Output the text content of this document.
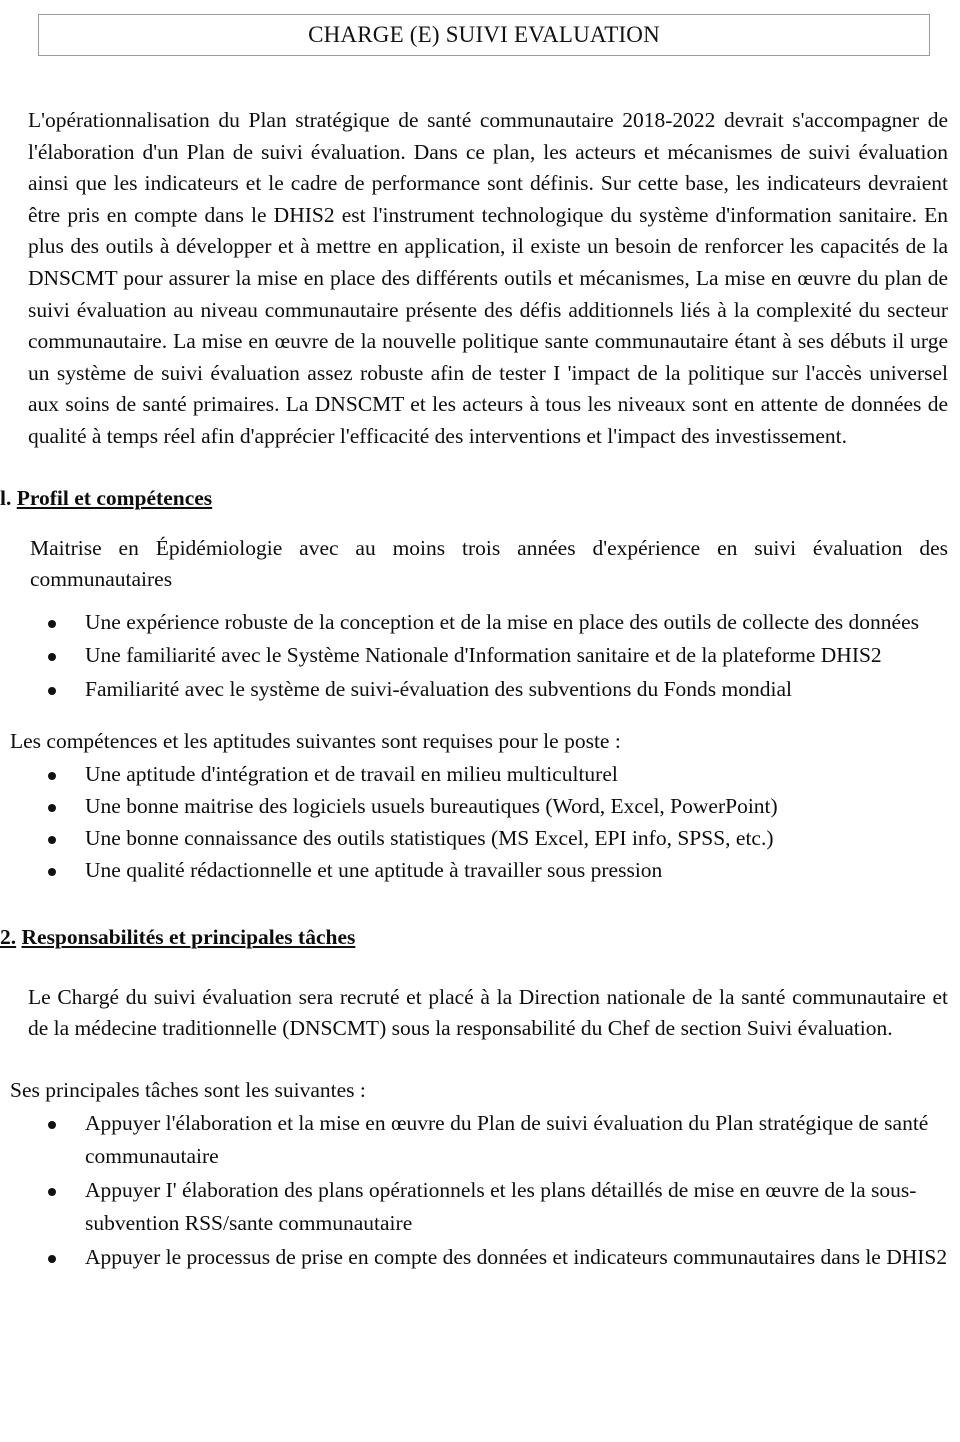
CHARGE (E) SUIVI EVALUATION

L'opérationnalisation du Plan stratégique de santé communautaire 2018-2022 devrait s'accompagner de l'élaboration d'un Plan de suivi évaluation. Dans ce plan, les acteurs et mécanismes de suivi évaluation ainsi que les indicateurs et le cadre de performance sont définis. Sur cette base, les indicateurs devraient être pris en compte dans le DHIS2 est l'instrument technologique du système d'information sanitaire. En plus des outils à développer et à mettre en application, il existe un besoin de renforcer les capacités de la DNSCMT pour assurer la mise en place des différents outils et mécanismes, La mise en œuvre du plan de suivi évaluation au niveau communautaire présente des défis additionnels liés à la complexité du secteur communautaire. La mise en œuvre de la nouvelle politique sante communautaire étant à ses débuts il urge un système de suivi évaluation assez robuste afin de tester I 'impact de la politique sur l'accès universel aux soins de santé primaires. La DNSCMT et les acteurs à tous les niveaux sont en attente de données de qualité à temps réel afin d'apprécier l'efficacité des interventions et l'impact des investissement.

l. Profil et compétences

Maitrise en Épidémiologie avec au moins trois années d'expérience en suivi évaluation des communautaires

Une expérience robuste de la conception et de la mise en place des outils de collecte des données
Une familiarité avec le Système Nationale d'Information sanitaire et de la plateforme DHIS2
Familiarité avec le système de suivi-évaluation des subventions du Fonds mondial

Les compétences et les aptitudes suivantes sont requises pour le poste :

Une aptitude d'intégration et de travail en milieu multiculturel
Une bonne maitrise des logiciels usuels bureautiques (Word, Excel, PowerPoint)
Une bonne connaissance des outils statistiques (MS Excel, EPI info, SPSS, etc.)
Une qualité rédactionnelle et une aptitude à travailler sous pression
2. Responsabilités et principales tâches

Le Chargé du suivi évaluation sera recruté et placé à la Direction nationale de la santé communautaire et de la médecine traditionnelle (DNSCMT) sous la responsabilité du Chef de section Suivi évaluation.

Ses principales tâches sont les suivantes :

Appuyer l'élaboration et la mise en œuvre du Plan de suivi évaluation du Plan stratégique de santé communautaire
Appuyer I' élaboration des plans opérationnels et les plans détaillés de mise en œuvre de la sous-subvention RSS/sante communautaire
Appuyer le processus de prise en compte des données et indicateurs communautaires dans le DHIS2
